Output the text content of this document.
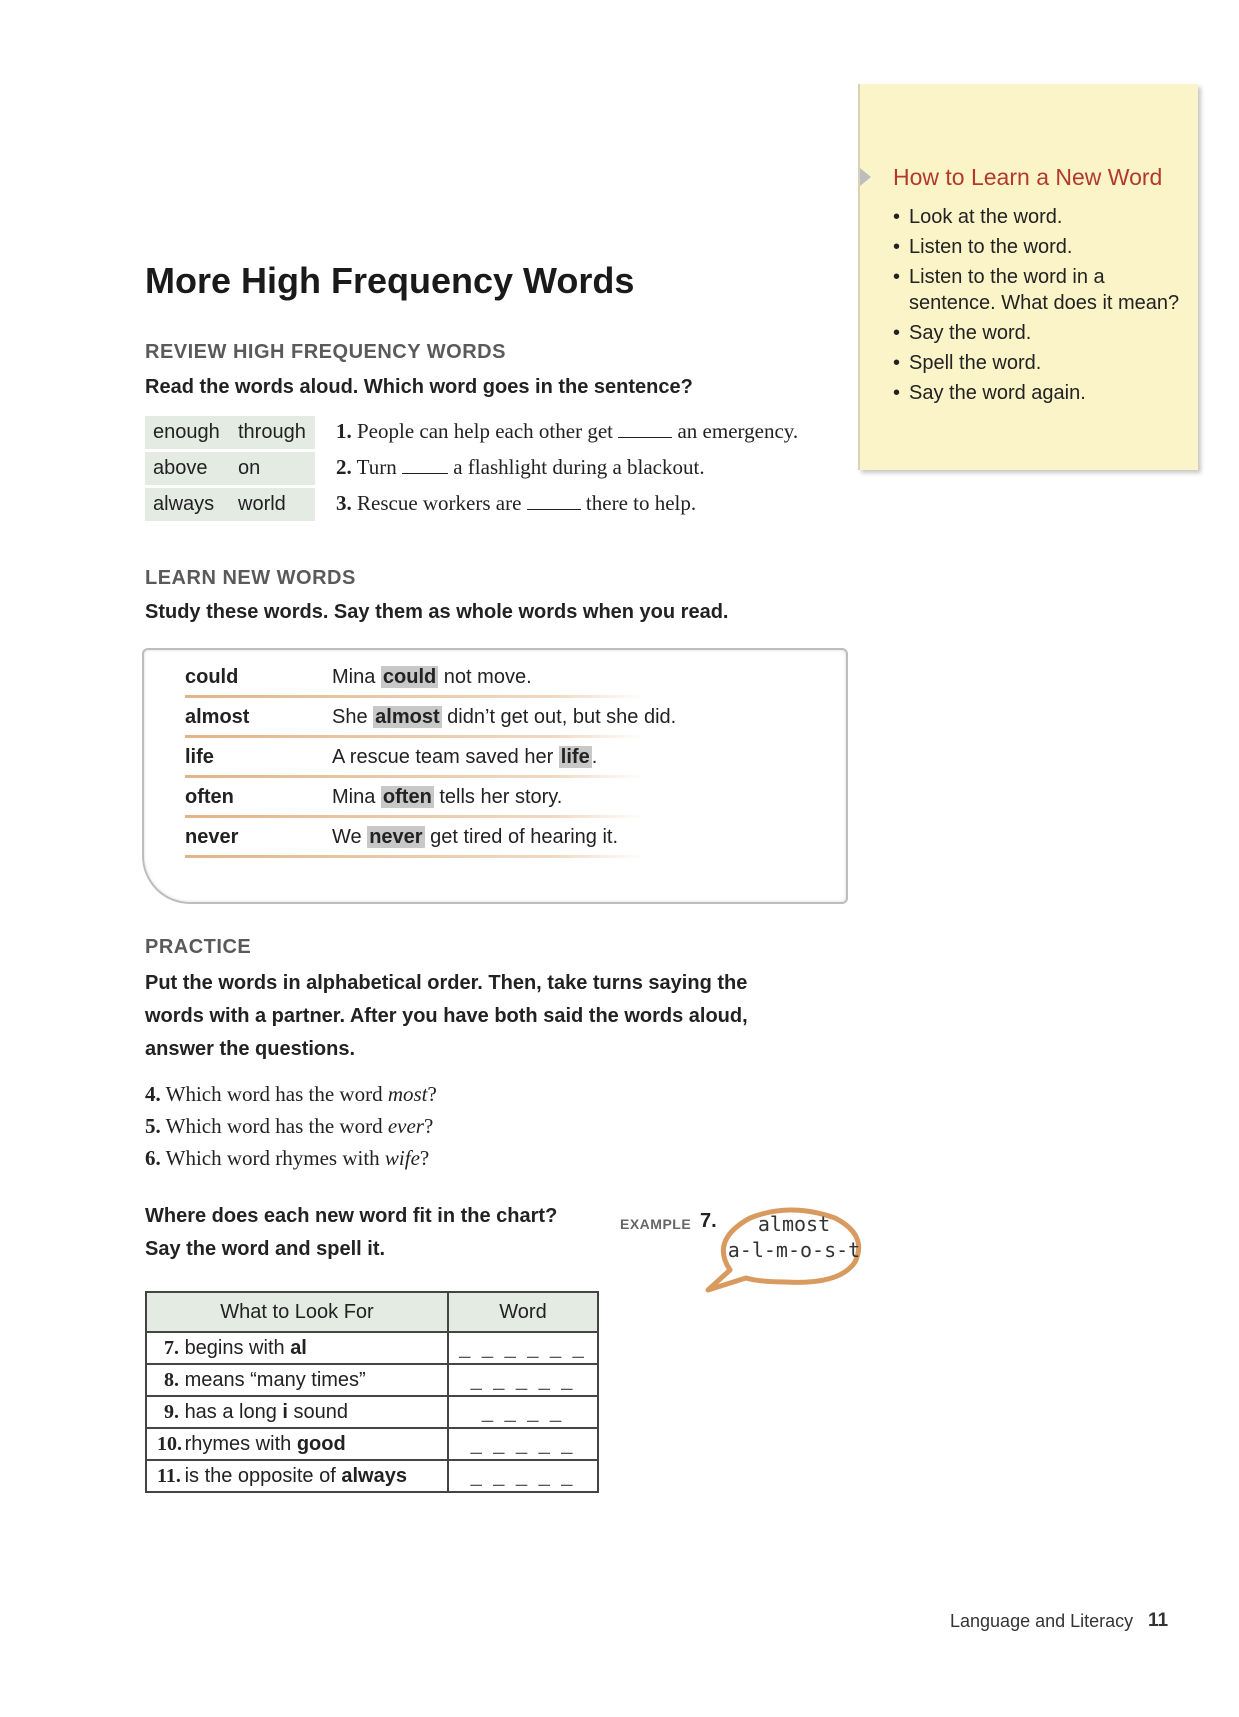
How to Learn a New Word
• Look at the word.
• Listen to the word.
• Listen to the word in a sentence. What does it mean?
• Say the word.
• Spell the word.
• Say the word again.
More High Frequency Words
REVIEW HIGH FREQUENCY WORDS
Read the words aloud. Which word goes in the sentence?
enough through
above on
always world
1. People can help each other get	an emergency.
2. Turn	a flashlight during a blackout.
3. Rescue workers are	there to help.
LEARN NEW WORDS
Study these words. Say them as whole words when you read.
could	Mina could not move.
almost	She almost didn’t get out, but she did.
life	A rescue team saved her life .
often	Mina often tells her story.
never	We never get tired of hearing it.
PRACTICE
Put the words in alphabetical order. Then, take turns saying the
words with a partner. After you have both said the words aloud,
answer the questions.
4. Which word has the word most?
5. Which word has the word ever?
6. Which word rhymes with wife?
Where does each new word fit in the chart?
Say the word and spell it.
EXAMPLE 7.	almost
a-l-m-o-s-t
What to Look For	Word
7. begins with al	_ _ _ _ _ _
8. means “many times”	_ _ _ _ _
9. has a long i sound	_ _ _ _
10. rhymes with good	_ _ _ _ _
11. is the opposite of always	_ _ _ _ _
Language and Literacy 11
